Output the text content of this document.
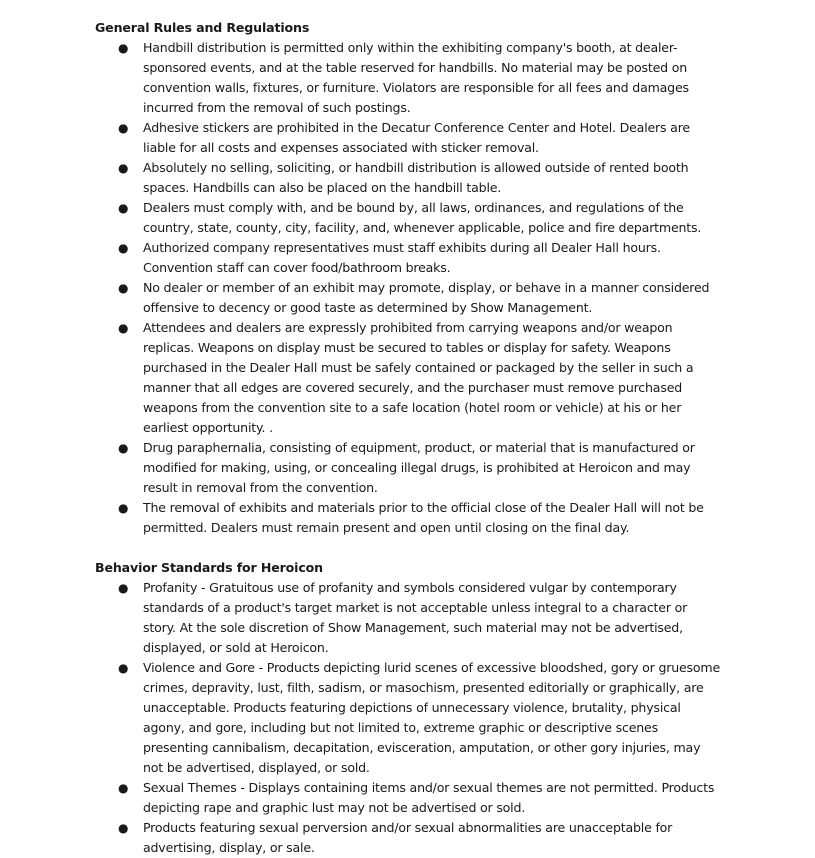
General Rules and Regulations

● Handbill distribution is permitted only within the exhibiting company's booth, at dealer-sponsored events, and at the table reserved for handbills. No material may be posted on convention walls, fixtures, or furniture. Violators are responsible for all fees and damages incurred from the removal of such postings.
● Adhesive stickers are prohibited in the Decatur Conference Center and Hotel. Dealers are liable for all costs and expenses associated with sticker removal.
● Absolutely no selling, soliciting, or handbill distribution is allowed outside of rented booth spaces. Handbills can also be placed on the handbill table.
● Dealers must comply with, and be bound by, all laws, ordinances, and regulations of the country, state, county, city, facility, and, whenever applicable, police and fire departments.
● Authorized company representatives must staff exhibits during all Dealer Hall hours. Convention staff can cover food/bathroom breaks.
● No dealer or member of an exhibit may promote, display, or behave in a manner considered offensive to decency or good taste as determined by Show Management.
● Attendees and dealers are expressly prohibited from carrying weapons and/or weapon replicas. Weapons on display must be secured to tables or display for safety. Weapons purchased in the Dealer Hall must be safely contained or packaged by the seller in such a manner that all edges are covered securely, and the purchaser must remove purchased weapons from the convention site to a safe location (hotel room or vehicle) at his or her earliest opportunity. .
● Drug paraphernalia, consisting of equipment, product, or material that is manufactured or modified for making, using, or concealing illegal drugs, is prohibited at Heroicon and may result in removal from the convention.
● The removal of exhibits and materials prior to the official close of the Dealer Hall will not be permitted. Dealers must remain present and open until closing on the final day.

Behavior Standards for Heroicon

● Profanity - Gratuitous use of profanity and symbols considered vulgar by contemporary standards of a product's target market is not acceptable unless integral to a character or story. At the sole discretion of Show Management, such material may not be advertised, displayed, or sold at Heroicon.
● Violence and Gore - Products depicting lurid scenes of excessive bloodshed, gory or gruesome crimes, depravity, lust, filth, sadism, or masochism, presented editorially or graphically, are unacceptable. Products featuring depictions of unnecessary violence, brutality, physical agony, and gore, including but not limited to, extreme graphic or descriptive scenes presenting cannibalism, decapitation, evisceration, amputation, or other gory injuries, may not be advertised, displayed, or sold.
● Sexual Themes - Displays containing items and/or sexual themes are not permitted. Products depicting rape and graphic lust may not be advertised or sold.
● Products featuring sexual perversion and/or sexual abnormalities are unacceptable for advertising, display, or sale.
